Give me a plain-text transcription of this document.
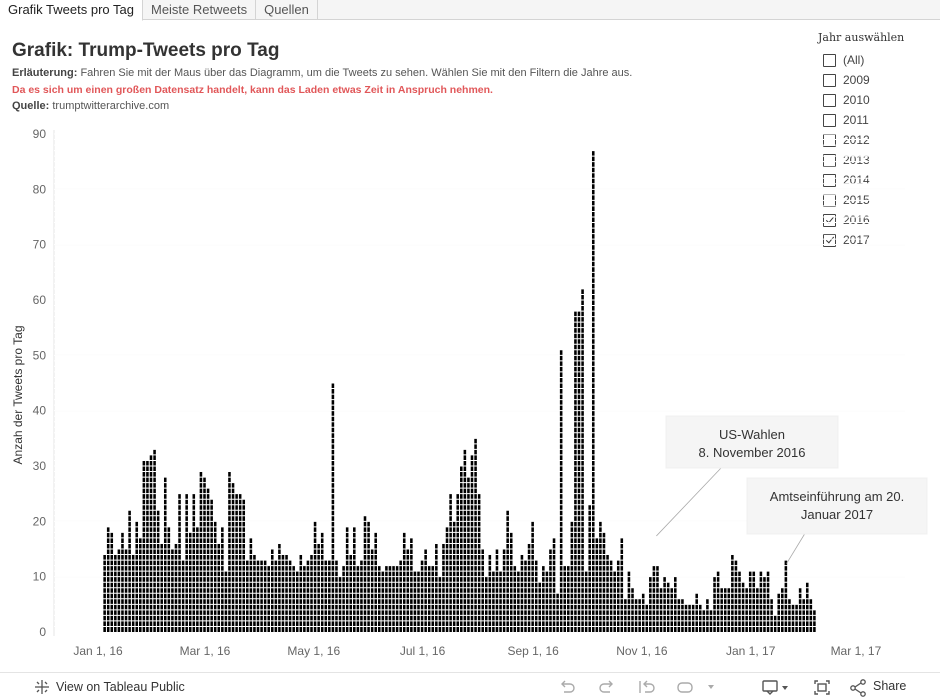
Grafik Tweets pro Tag	Meiste Retweets	Quellen
Grafik: Trump-Tweets pro Tag
Erläuterung: Fahren Sie mit der Maus über das Diagramm, um die Tweets zu sehen. Wählen Sie mit den Filtern die Jahre aus.
Da es sich um einen großen Datensatz handelt, kann das Laden etwas Zeit in Anspruch nehmen.
Quelle: trumptwitterarchive.com
Jahr auswählen
(All)
2009
2010
2011
2012
2013
2014
2015
2016
2017
0
10
20
30
40
50
60
70
80
90
Anzah der Tweets pro Tag
Jan 1, 16	Mar 1, 16	May 1, 16	Jul 1, 16	Sep 1, 16	Nov 1, 16	Jan 1, 17	Mar 1, 17
US-Wahlen
8. November 2016
Amtseinführung am 20.
Januar 2017
View on Tableau Public	Share
